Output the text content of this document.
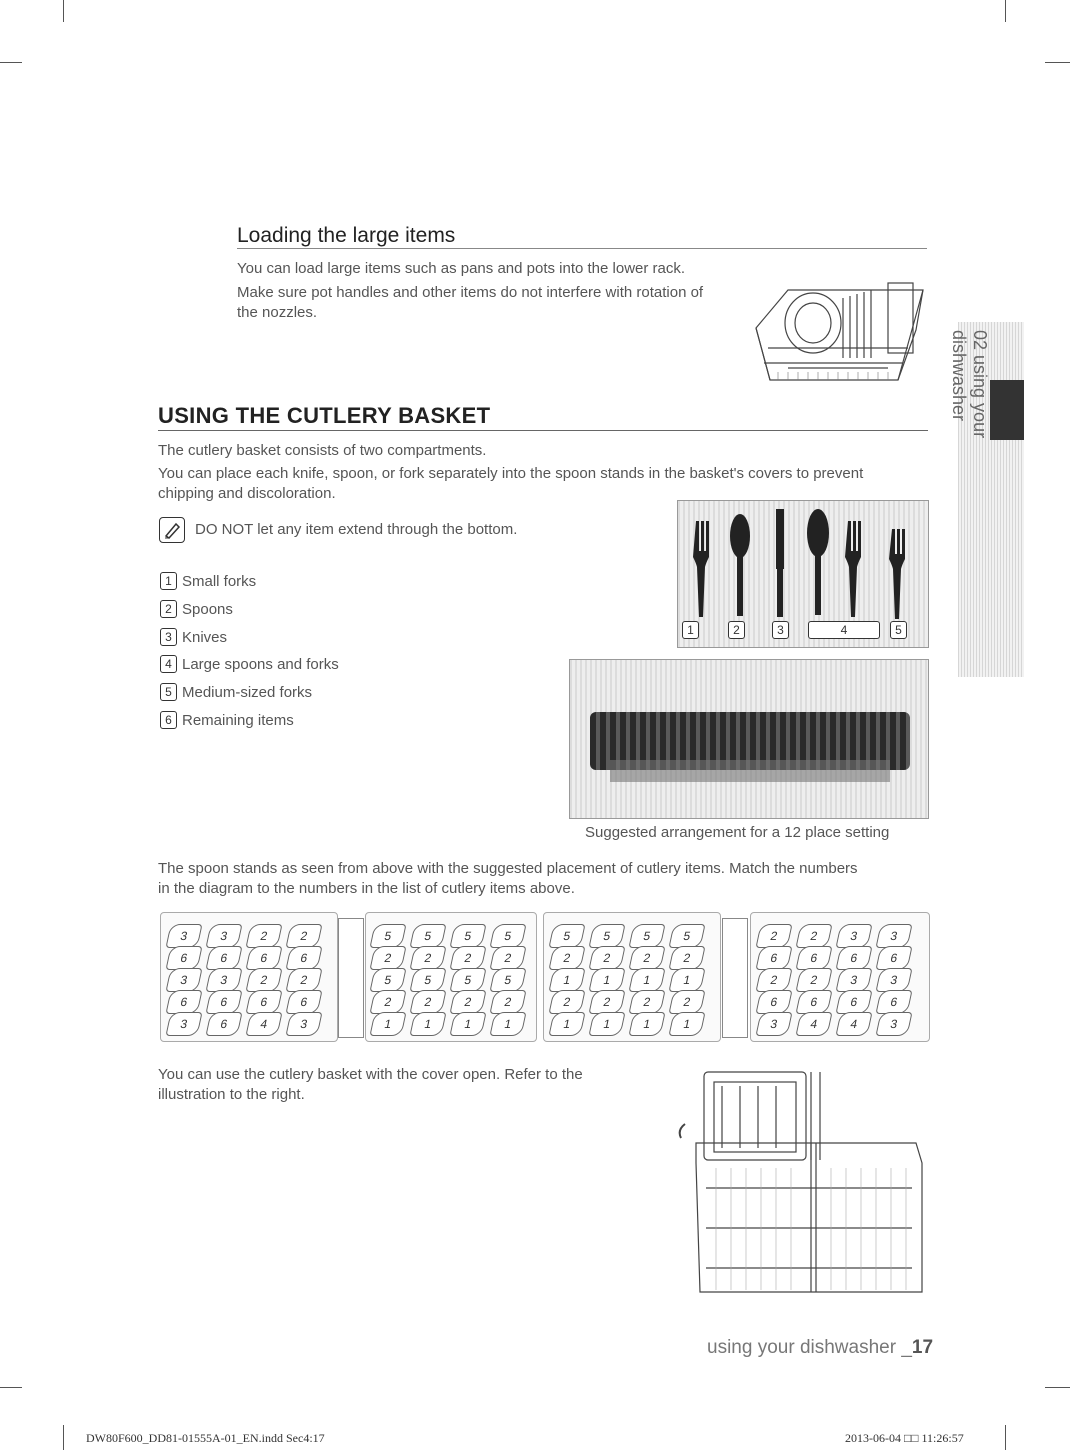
Loading the large items

You can load large items such as pans and pots into the lower rack.

Make sure pot handles and other items do not interfere with rotation of

the nozzles.

USING THE CUTLERY BASKET

The cutlery basket consists of two compartments.

You can place each knife, spoon, or fork separately into the spoon stands in the basket's covers to prevent

chipping and discoloration.

DO NOT let any item extend through the bottom.

1 Small forks
2 Spoons
3 Knives
4 Large spoons and forks
5 Medium-sized forks
6 Remaining items
1	2	3	4	5

Suggested arrangement for a 12 place setting

The spoon stands as seen from above with the suggested placement of cutlery items. Match the numbers

in the diagram to the numbers in the list of cutlery items above.

3	3	2	2
6	6	6	6
3	3	2	2
6	6	6	6
3	6	4	3
5	5	5	5
2	2	2	2
5	5	5	5
2	2	2	2
1	1	1	1
5	5	5	5
2	2	2	2
1	1	1	1
2	2	2	2
1	1	1	1
2	2	3	3
6	6	6	6
2	2	3	3
6	6	6	6
3	4	4	3

You can use the cutlery basket with the cover open. Refer to the

illustration to the right.

02 using your dishwasher
using your dishwasher _17
DW80F600_DD81-01555A-01_EN.indd Sec4:17	2013-06-04 □□ 11:26:57
